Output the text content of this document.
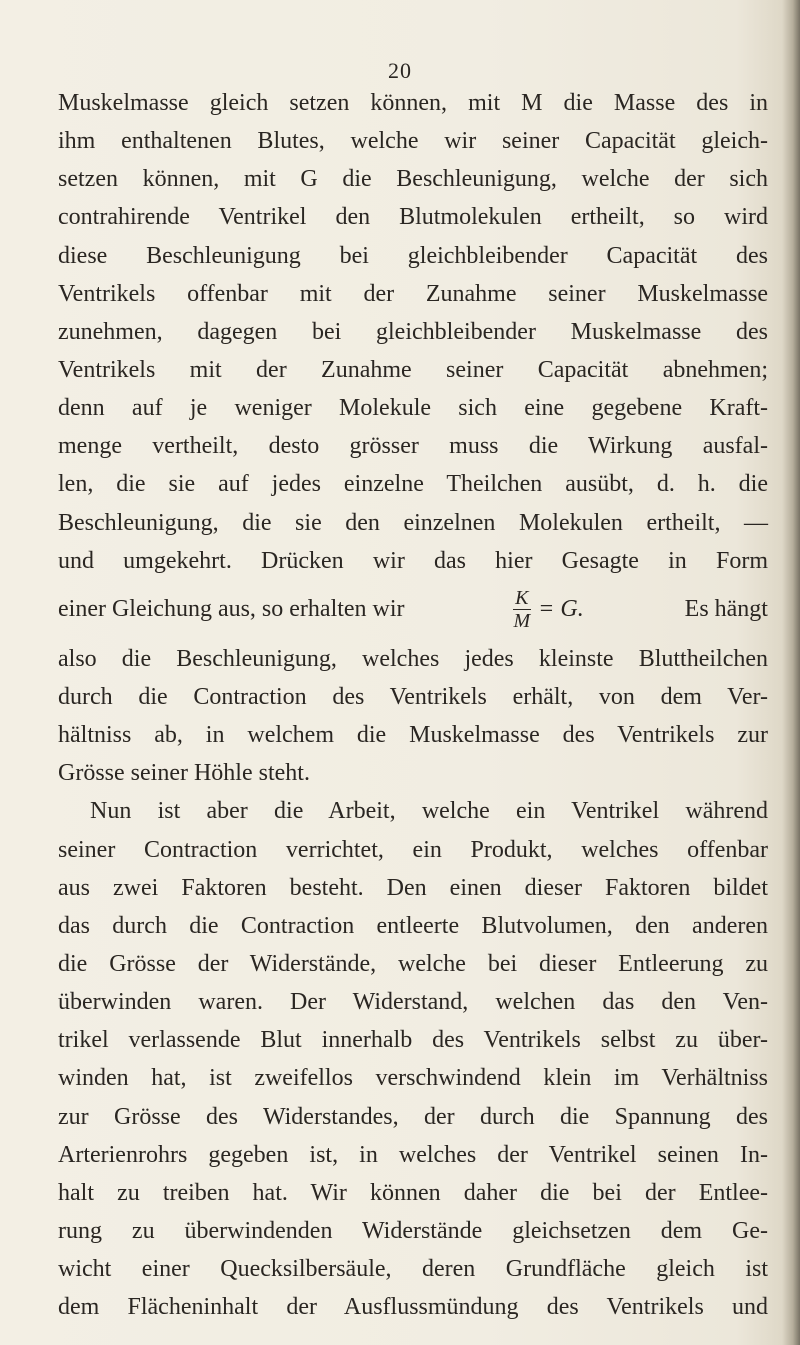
20
Muskelmasse gleich setzen können, mit M die Masse des in
ihm enthaltenen Blutes, welche wir seiner Capacität gleich-
setzen können, mit G die Beschleunigung, welche der sich
contrahirende Ventrikel den Blutmolekulen ertheilt, so wird
diese Beschleunigung bei gleichbleibender Capacität des
Ventrikels offenbar mit der Zunahme seiner Muskelmasse
zunehmen, dagegen bei gleichbleibender Muskelmasse des
Ventrikels mit der Zunahme seiner Capacität abnehmen;
denn auf je weniger Molekule sich eine gegebene Kraft-
menge vertheilt, desto grösser muss die Wirkung ausfal-
len, die sie auf jedes einzelne Theilchen ausübt, d. h. die
Beschleunigung, die sie den einzelnen Molekulen ertheilt, —
und umgekehrt. Drücken wir das hier Gesagte in Form
einer Gleichung aus, so erhalten wir	$\frac{K}{M} = G$.	Es hängt
also die Beschleunigung, welches jedes kleinste Bluttheilchen
durch die Contraction des Ventrikels erhält, von dem Ver-
hältniss ab, in welchem die Muskelmasse des Ventrikels zur
Grösse seiner Höhle steht.
Nun ist aber die Arbeit, welche ein Ventrikel während
seiner Contraction verrichtet, ein Produkt, welches offenbar
aus zwei Faktoren besteht. Den einen dieser Faktoren bildet
das durch die Contraction entleerte Blutvolumen, den anderen
die Grösse der Widerstände, welche bei dieser Entleerung zu
überwinden waren. Der Widerstand, welchen das den Ven-
trikel verlassende Blut innerhalb des Ventrikels selbst zu über-
winden hat, ist zweifellos verschwindend klein im Verhältniss
zur Grösse des Widerstandes, der durch die Spannung des
Arterienrohrs gegeben ist, in welches der Ventrikel seinen In-
halt zu treiben hat. Wir können daher die bei der Entlee-
rung zu überwindenden Widerstände gleichsetzen dem Ge-
wicht einer Quecksilbersäule, deren Grundfläche gleich ist
dem Flächeninhalt der Ausflussmündung des Ventrikels und
